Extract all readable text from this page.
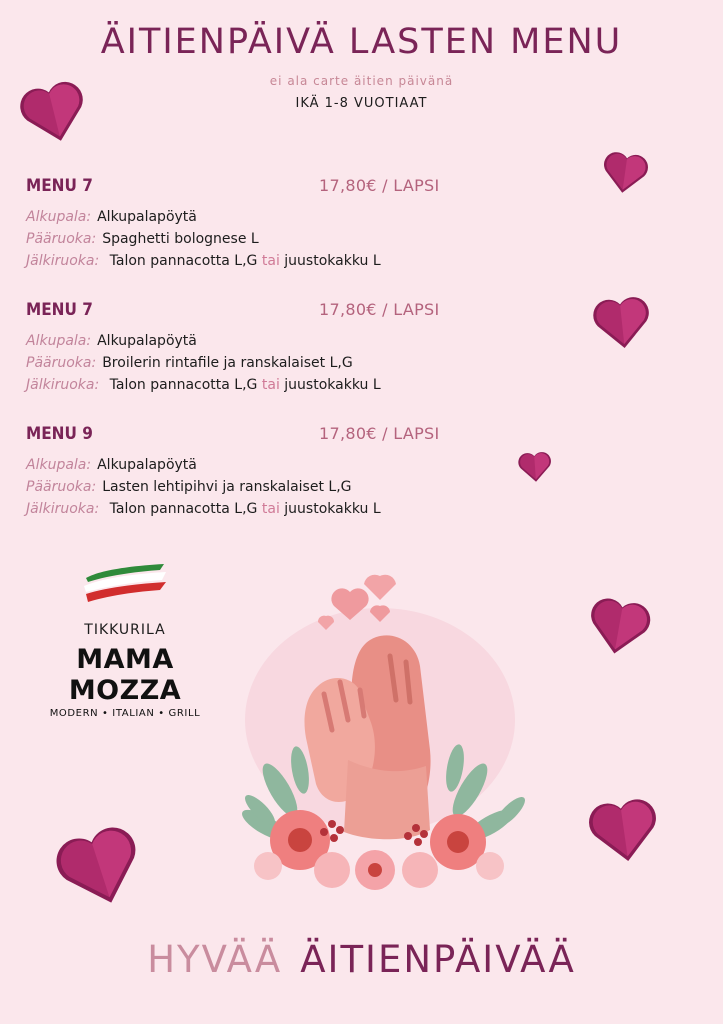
ÄITIENPÄIVÄ LASTEN MENU
ei ala carte äitien päivänä
IKÄ 1-8 VUOTIAAT
MENU 7	17,80€ / LAPSI
Alkupala: Alkupalapöytä
Pääruoka: Spaghetti bolognese L
Jälkiruoka: Talon pannacotta L,G tai juustokakku L
MENU 7	17,80€ / LAPSI
Alkupala: Alkupalapöytä
Pääruoka: Broilerin rintafile ja ranskalaiset L,G
Jälkiruoka: Talon pannacotta L,G tai juustokakku L
MENU 9	17,80€ / LAPSI
Alkupala: Alkupalapöytä
Pääruoka: Lasten lehtipihvi ja ranskalaiset L,G
Jälkiruoka: Talon pannacotta L,G tai juustokakku L
TIKKURILA
MAMA MOZZA
MODERN • ITALIAN • GRILL
HYVÄÄ ÄITIENPÄIVÄÄ
